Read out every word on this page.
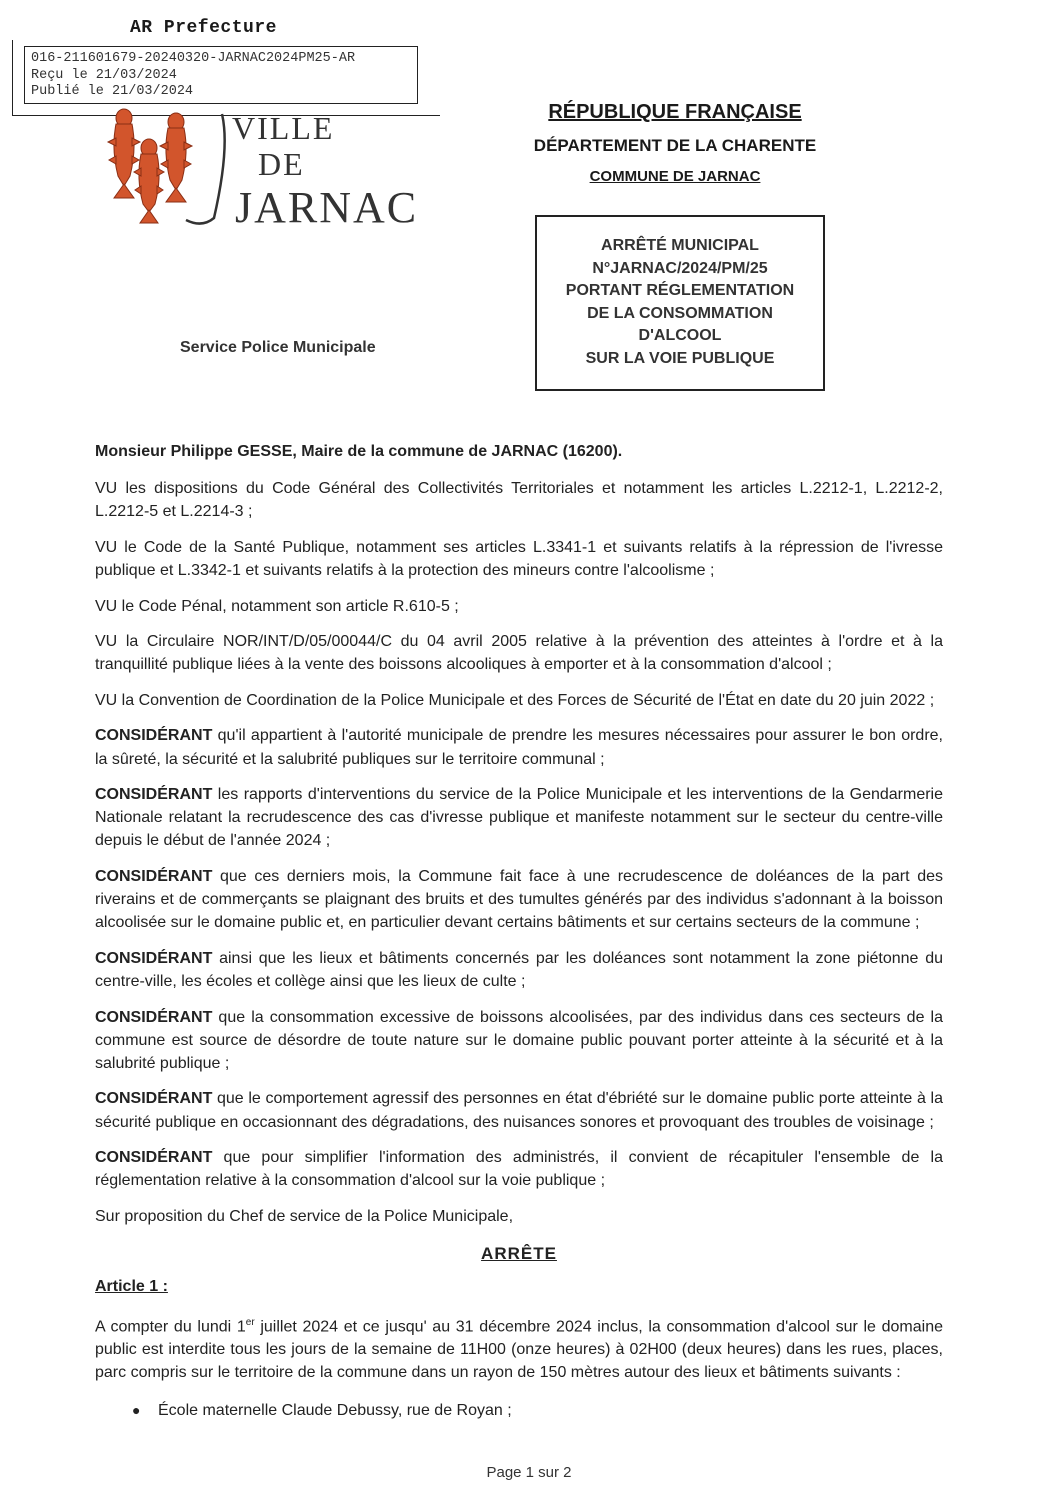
AR Prefecture
016-211601679-20240320-JARNAC2024PM25-AR
Reçu le 21/03/2024
Publié le 21/03/2024
VILLE
DE
JARNAC
Service Police Municipale
RÉPUBLIQUE FRANÇAISE
DÉPARTEMENT DE LA CHARENTE
COMMUNE DE JARNAC
ARRÊTÉ MUNICIPAL
N°JARNAC/2024/PM/25
PORTANT RÉGLEMENTATION
DE LA CONSOMMATION
D'ALCOOL
SUR LA VOIE PUBLIQUE

Monsieur Philippe GESSE, Maire de la commune de JARNAC (16200).

VU les dispositions du Code Général des Collectivités Territoriales et notamment les articles L.2212-1, L.2212-2, L.2212-5 et L.2214-3 ;

VU le Code de la Santé Publique, notamment ses articles L.3341-1 et suivants relatifs à la répression de l'ivresse publique et L.3342-1 et suivants relatifs à la protection des mineurs contre l'alcoolisme ;

VU le Code Pénal, notamment son article R.610-5 ;

VU la Circulaire NOR/INT/D/05/00044/C du 04 avril 2005 relative à la prévention des atteintes à l'ordre et à la tranquillité publique liées à la vente des boissons alcooliques à emporter et à la consommation d'alcool ;

VU la Convention de Coordination de la Police Municipale et des Forces de Sécurité de l'État en date du 20 juin 2022 ;

CONSIDÉRANT qu'il appartient à l'autorité municipale de prendre les mesures nécessaires pour assurer le bon ordre, la sûreté, la sécurité et la salubrité publiques sur le territoire communal ;

CONSIDÉRANT les rapports d'interventions du service de la Police Municipale et les interventions de la Gendarmerie Nationale relatant la recrudescence des cas d'ivresse publique et manifeste notamment sur le secteur du centre-ville depuis le début de l'année 2024 ;

CONSIDÉRANT que ces derniers mois, la Commune fait face à une recrudescence de doléances de la part des riverains et de commerçants se plaignant des bruits et des tumultes générés par des individus s'adonnant à la boisson alcoolisée sur le domaine public et, en particulier devant certains bâtiments et sur certains secteurs de la commune ;

CONSIDÉRANT ainsi que les lieux et bâtiments concernés par les doléances sont notamment la zone piétonne du centre-ville, les écoles et collège ainsi que les lieux de culte ;

CONSIDÉRANT que la consommation excessive de boissons alcoolisées, par des individus dans ces secteurs de la commune est source de désordre de toute nature sur le domaine public pouvant porter atteinte à la sécurité et à la salubrité publique ;

CONSIDÉRANT que le comportement agressif des personnes en état d'ébriété sur le domaine public porte atteinte à la sécurité publique en occasionnant des dégradations, des nuisances sonores et provoquant des troubles de voisinage ;

CONSIDÉRANT que pour simplifier l'information des administrés, il convient de récapituler l'ensemble de la réglementation relative à la consommation d'alcool sur la voie publique ;

Sur proposition du Chef de service de la Police Municipale,

ARRÊTE

Article 1 :

A compter du lundi 1er juillet 2024 et ce jusqu' au 31 décembre 2024 inclus, la consommation d'alcool sur le domaine public est interdite tous les jours de la semaine de 11H00 (onze heures) à 02H00 (deux heures) dans les rues, places, parc compris sur le territoire de la commune dans un rayon de 150 mètres autour des lieux et bâtiments suivants :

● École maternelle Claude Debussy, rue de Royan ;

Page 1 sur 2
